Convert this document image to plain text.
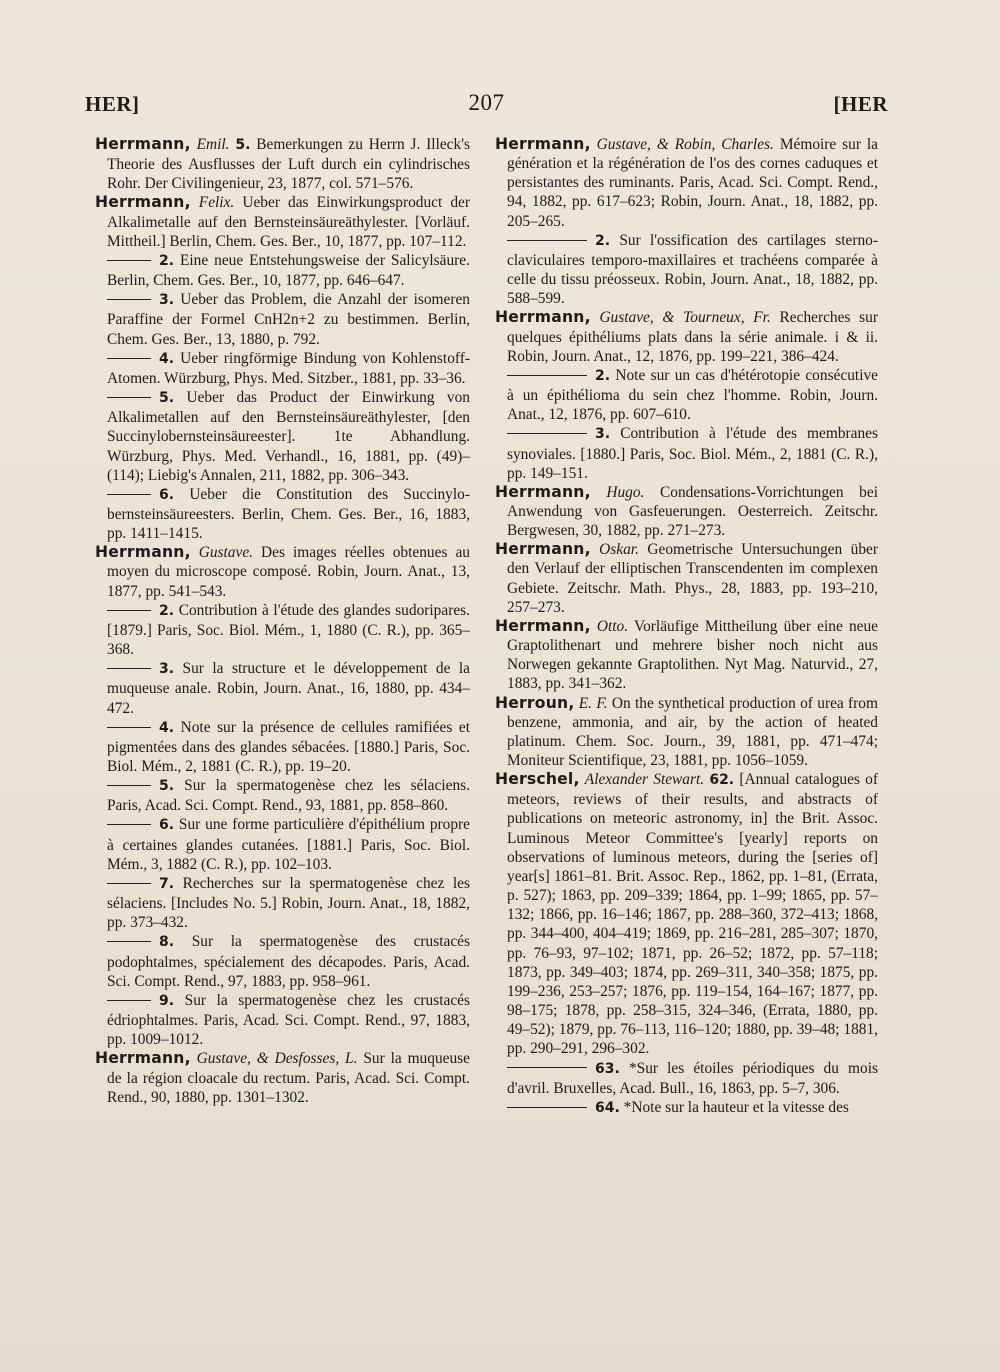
HER]	207	[HER

Herrmann, Emil. 5. Bemerkungen zu Herrn J. Illeck's Theorie des Ausflusses der Luft durch ein cylindrisches Rohr. Der Civilingenieur, 23, 1877, col. 571–576.

Herrmann, Felix. Ueber das Einwirkungsproduct der Alkalimetalle auf den Bernsteinsäureäthylester. [Vorläuf. Mittheil.] Berlin, Chem. Ges. Ber., 10, 1877, pp. 107–112.

2. Eine neue Entstehungsweise der Salicylsäure. Berlin, Chem. Ges. Ber., 10, 1877, pp. 646–647.

3. Ueber das Problem, die Anzahl der isomeren Paraffine der Formel CnH2n+2 zu bestimmen. Berlin, Chem. Ges. Ber., 13, 1880, p. 792.

4. Ueber ringförmige Bindung von Kohlenstoff-Atomen. Würzburg, Phys. Med. Sitzber., 1881, pp. 33–36.

5. Ueber das Product der Einwirkung von Alkalimetallen auf den Bernsteinsäureäthylester, [den Succinylobernsteinsäureester]. 1te Abhandlung. Würzburg, Phys. Med. Verhandl., 16, 1881, pp. (49)–(114); Liebig's Annalen, 211, 1882, pp. 306–343.

6. Ueber die Constitution des Succinylobernsteinsäureesters. Berlin, Chem. Ges. Ber., 16, 1883, pp. 1411–1415.

Herrmann, Gustave. Des images réelles obtenues au moyen du microscope composé. Robin, Journ. Anat., 13, 1877, pp. 541–543.

2. Contribution à l'étude des glandes sudoripares. [1879.] Paris, Soc. Biol. Mém., 1, 1880 (C. R.), pp. 365–368.

3. Sur la structure et le développement de la muqueuse anale. Robin, Journ. Anat., 16, 1880, pp. 434–472.

4. Note sur la présence de cellules ramifiées et pigmentées dans des glandes sébacées. [1880.] Paris, Soc. Biol. Mém., 2, 1881 (C. R.), pp. 19–20.

5. Sur la spermatogenèse chez les sélaciens. Paris, Acad. Sci. Compt. Rend., 93, 1881, pp. 858–860.

6. Sur une forme particulière d'épithélium propre à certaines glandes cutanées. [1881.] Paris, Soc. Biol. Mém., 3, 1882 (C. R.), pp. 102–103.

7. Recherches sur la spermatogenèse chez les sélaciens. [Includes No. 5.] Robin, Journ. Anat., 18, 1882, pp. 373–432.

8. Sur la spermatogenèse des crustacés podophtalmes, spécialement des décapodes. Paris, Acad. Sci. Compt. Rend., 97, 1883, pp. 958–961.

9. Sur la spermatogenèse chez les crustacés édriophtalmes. Paris, Acad. Sci. Compt. Rend., 97, 1883, pp. 1009–1012.

Herrmann, Gustave, & Desfosses, L. Sur la muqueuse de la région cloacale du rectum. Paris, Acad. Sci. Compt. Rend., 90, 1880, pp. 1301–1302.

Herrmann, Gustave, & Robin, Charles. Mémoire sur la génération et la régénération de l'os des cornes caduques et persistantes des ruminants. Paris, Acad. Sci. Compt. Rend., 94, 1882, pp. 617–623; Robin, Journ. Anat., 18, 1882, pp. 205–265.

2. Sur l'ossification des cartilages sterno-claviculaires temporo-maxillaires et trachéens comparée à celle du tissu préosseux. Robin, Journ. Anat., 18, 1882, pp. 588–599.

Herrmann, Gustave, & Tourneux, Fr. Recherches sur quelques épithéliums plats dans la série animale. i & ii. Robin, Journ. Anat., 12, 1876, pp. 199–221, 386–424.

2. Note sur un cas d'hétérotopie consécutive à un épithélioma du sein chez l'homme. Robin, Journ. Anat., 12, 1876, pp. 607–610.

3. Contribution à l'étude des membranes synoviales. [1880.] Paris, Soc. Biol. Mém., 2, 1881 (C. R.), pp. 149–151.

Herrmann, Hugo. Condensations-Vorrichtungen bei Anwendung von Gasfeuerungen. Oesterreich. Zeitschr. Bergwesen, 30, 1882, pp. 271–273.

Herrmann, Oskar. Geometrische Untersuchungen über den Verlauf der elliptischen Transcendenten im complexen Gebiete. Zeitschr. Math. Phys., 28, 1883, pp. 193–210, 257–273.

Herrmann, Otto. Vorläufige Mittheilung über eine neue Graptolithenart und mehrere bisher noch nicht aus Norwegen gekannte Graptolithen. Nyt Mag. Naturvid., 27, 1883, pp. 341–362.

Herroun, E. F. On the synthetical production of urea from benzene, ammonia, and air, by the action of heated platinum. Chem. Soc. Journ., 39, 1881, pp. 471–474; Moniteur Scientifique, 23, 1881, pp. 1056–1059.

Herschel, Alexander Stewart. 62. [Annual catalogues of meteors, reviews of their results, and abstracts of publications on meteoric astronomy, in] the Brit. Assoc. Luminous Meteor Committee's [yearly] reports on observations of luminous meteors, during the [series of] year[s] 1861–81. Brit. Assoc. Rep., 1862, pp. 1–81, (Errata, p. 527); 1863, pp. 209–339; 1864, pp. 1–99; 1865, pp. 57–132; 1866, pp. 16–146; 1867, pp. 288–360, 372–413; 1868, pp. 344–400, 404–419; 1869, pp. 216–281, 285–307; 1870, pp. 76–93, 97–102; 1871, pp. 26–52; 1872, pp. 57–118; 1873, pp. 349–403; 1874, pp. 269–311, 340–358; 1875, pp. 199–236, 253–257; 1876, pp. 119–154, 164–167; 1877, pp. 98–175; 1878, pp. 258–315, 324–346, (Errata, 1880, pp. 49–52); 1879, pp. 76–113, 116–120; 1880, pp. 39–48; 1881, pp. 290–291, 296–302.

63. *Sur les étoiles périodiques du mois d'avril. Bruxelles, Acad. Bull., 16, 1863, pp. 5–7, 306.

64. *Note sur la hauteur et la vitesse des
